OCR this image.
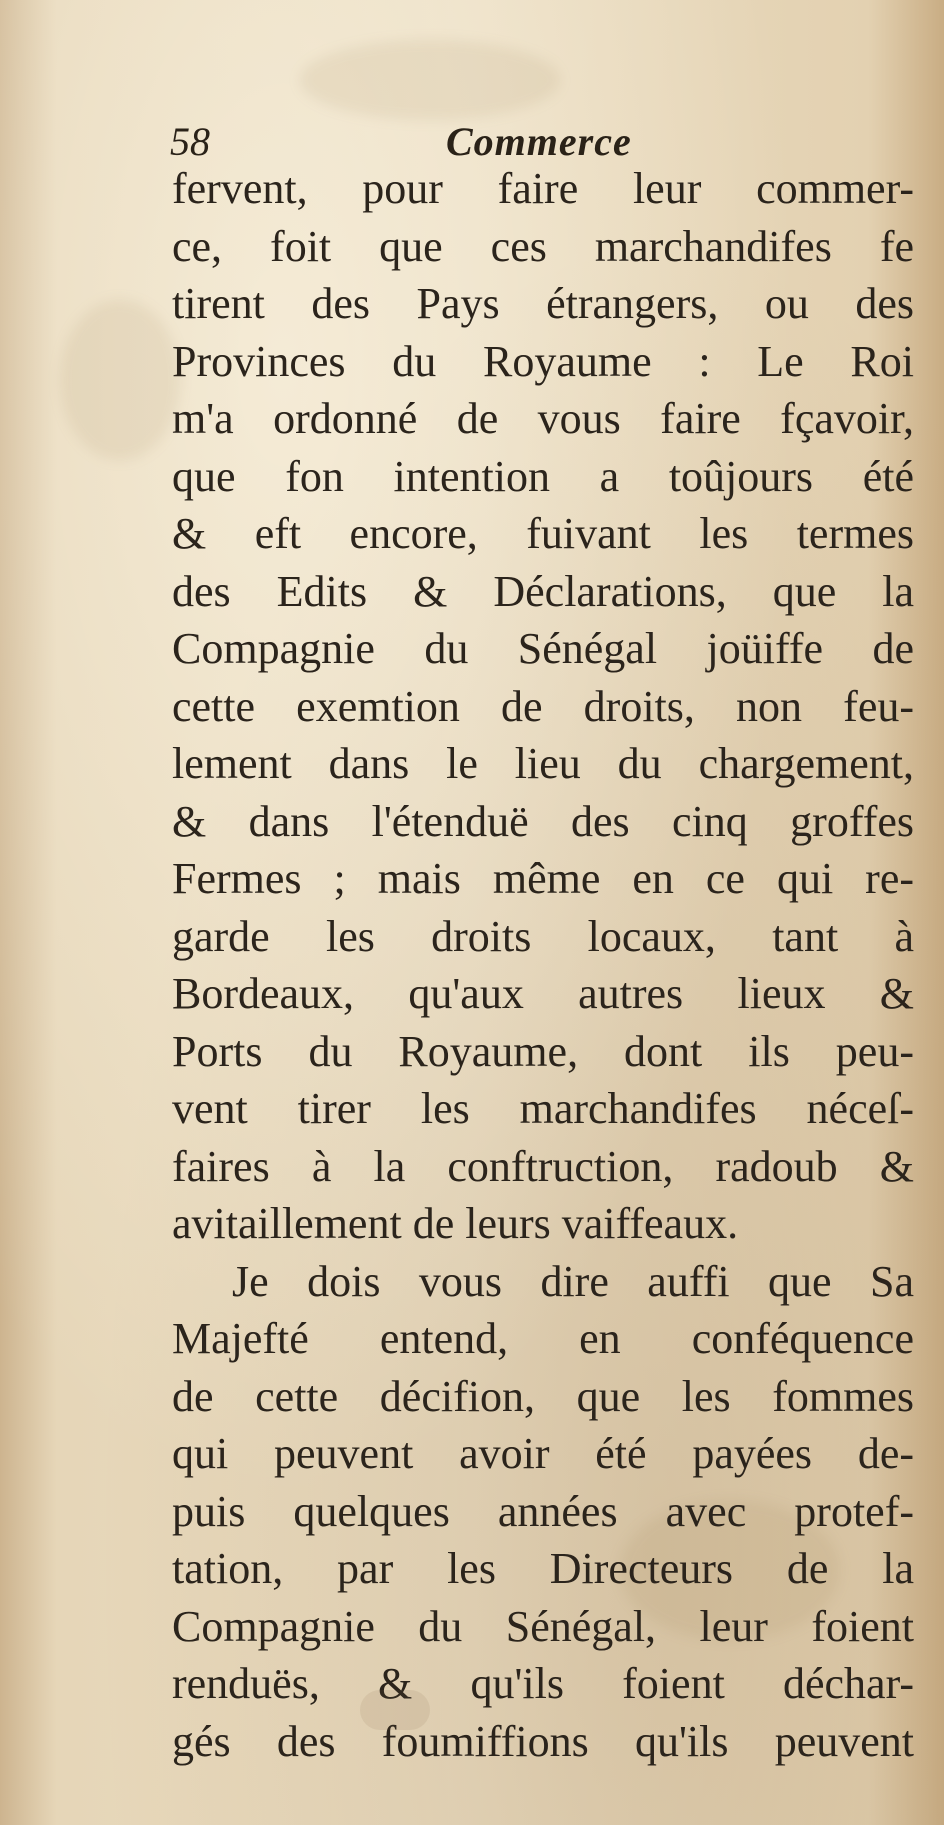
58	Commerce
fervent, pour faire leur commer-
ce, foit que ces marchandifes fe
tirent des Pays étrangers, ou des
Provinces du Royaume : Le Roi
m'a ordonné de vous faire fçavoir,
que fon intention a toûjours été
& eft encore, fuivant les termes
des Edits & Déclarations, que la
Compagnie du Sénégal joüiffe de
cette exemtion de droits, non feu-
lement dans le lieu du chargement,
& dans l'étenduë des cinq groffes
Fermes ; mais même en ce qui re-
garde les droits locaux, tant à
Bordeaux, qu'aux autres lieux &
Ports du Royaume, dont ils peu-
vent tirer les marchandifes néceſ-
faires à la conftruction, radoub &
avitaillement de leurs vaiffeaux.
Je dois vous dire auffi que Sa
Majefté entend, en conféquence
de cette décifion, que les fommes
qui peuvent avoir été payées de-
puis quelques années avec protef-
tation, par les Directeurs de la
Compagnie du Sénégal, leur foient
renduës, & qu'ils foient déchar-
gés des foumiffions qu'ils peuvent
